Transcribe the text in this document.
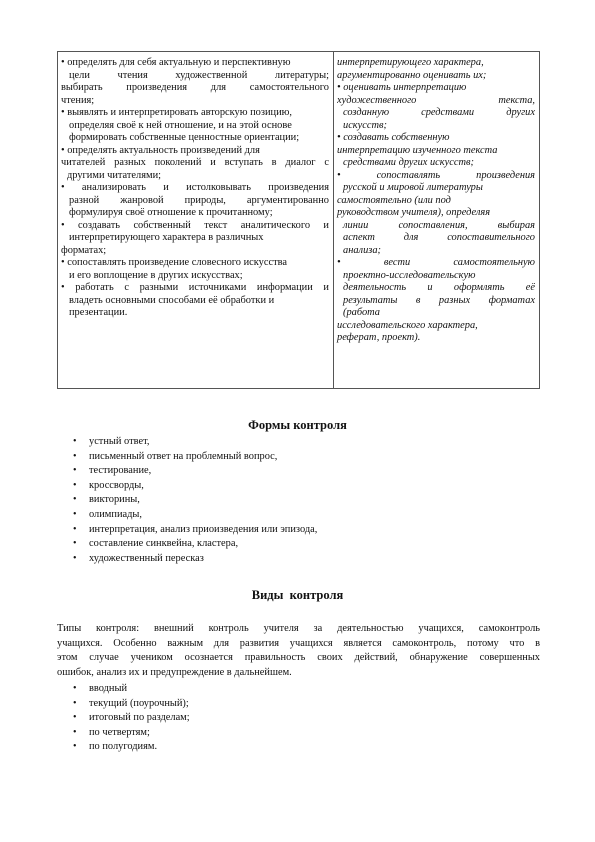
• определять для себя актуальную и перспективную
цели чтения художественной литературы;
выбирать произведения для самостоятельного
чтения;
• выявлять и интерпретировать авторскую позицию,
определяя своё к ней отношение, и на этой основе
формировать собственные ценностные ориентации;
• определять актуальность произведений для
читателей разных поколений и вступать в диалог с
другими читателями;
• анализировать и истолковывать произведения
разной жанровой природы, аргументированно
формулируя своё отношение к прочитанному;
• создавать собственный текст аналитического и
интерпретирующего характера в различных
форматах;
• сопоставлять произведение словесного искусства
и его воплощение в других искусствах;
• работать с разными источниками информации и
владеть основными способами её обработки и
презентации.
интерпретирующего характера,
аргументированно оценивать их;
• оценивать интерпретацию
художественного текста,
созданную средствами других
искусств;
• создавать собственную
интерпретацию изученного текста
средствами других искусств;
• сопоставлять произведения
русской и мировой литературы
самостоятельно (или под
руководством учителя), определяя
линии сопоставления, выбирая
аспект для сопоставительного
анализа;
• вести самостоятельную
проектно-исследовательскую
деятельность и оформлять её
результаты в разных форматах
(работа
исследовательского характера,
реферат, проект).
Формы контроля
• устный ответ,
• письменный ответ на проблемный вопрос,
• тестирование,
• кроссворды,
• викторины,
• олимпиады,
• интерпретация, анализ приоизведения или эпизода,
• составление синквейна, кластера,
• художественный пересказ
Виды  контроля
Типы контроля: внешний контроль учителя за деятельностью учащихся, самоконтроль
учащихся. Особенно важным для развития учащихся является самоконтроль, потому что в
этом случае учеником осознается правильность своих действий, обнаружение совершенных
ошибок, анализ их и предупреждение в дальнейшем.
• вводный
• текущий (поурочный);
• итоговый по разделам;
• по четвертям;
• по полугодиям.
